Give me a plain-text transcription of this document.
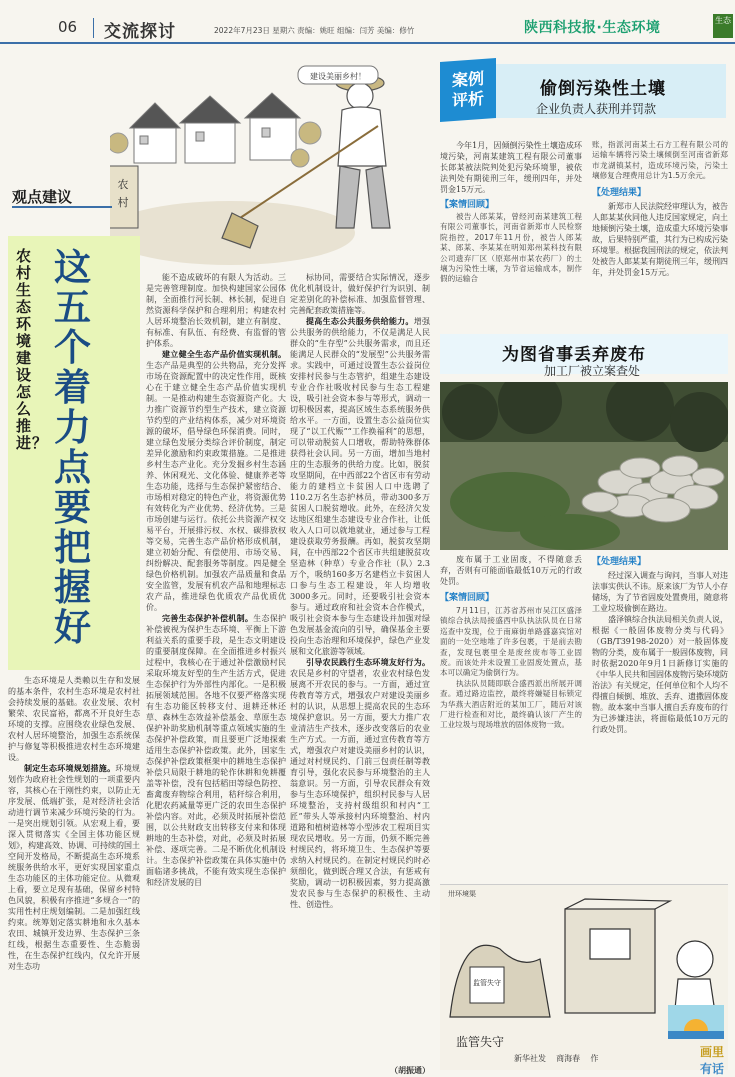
06 交流探讨	2022年7月23日 星期六 责编：姚旺 组编：闫芳 美编：修竹	陕西科技报·生态环境	生态
农
村
建设美丽乡村！
观点建议
农村生态环境建设怎么推进？
这五个着力点要把握好

生态环境是人类赖以生存和发展的基本条件，农村生态环境是农村社会持续发展的基础。农业发展、农村繁荣、农民富裕，都离不开良好生态环境的支撑。应围绕农业绿色发展、农村人居环境整治，加强生态系统保护与修复等积极推进农村生态环境建设。

制定生态环境规划措施。环境规划作为政府社会性规划的一项重要内容，其核心在于刚性约束，以防止无序发展、低端扩张，是对经济社会活动进行调节来减少环境污染的行为。一是突出规划引领。从宏观上看，要深入贯彻落实《全国主体功能区规划》，构建高效、协调、可持续的国土空间开发格局，不断提高生态环境系统服务供给水平，更好实现国家重点生态功能区的主体功能定位。从微观上看，要立足现有基础，保留乡村特色风貌，积极有序推进“多规合一”的实用性村庄规划编制。二是加强红线约束。统筹划定落实耕地和永久基本农田、城镇开发边界、生态保护三条红线，根据生态重要性、生态脆弱性，在生态保护红线内，仅允许开展对生态功

能不造成破坏的有限人为活动。三是完善管理制度。加快构建国家公园体制，全面推行河长制、林长制，促进自然资源科学保护和合理利用；构建农村人居环境整治长效机制，建立有制度、有标准、有队伍、有经费、有监督的管护体系。

建立健全生态产品价值实现机制。生态产品是典型的公共物品，充分发挥市场在资源配置中的决定性作用，既核心在于建立健全生态产品价值实现机制。一是推动构建生态资源资产化。大力推广资源节约型生产技术，建立资源节约型的产业结构体系，减少对环境资源的破坏，倡导绿色环保消费。同时，建立绿色发展分类综合评价制度，制定差异化激励和约束政策措施。二是推进乡村生态产业化。充分发掘乡村生态涵养、休闲观光、文化体验、健康养老等生态功能，选择与生态保护紧密结合、市场相对稳定的特色产业，将资源优势有效转化为产业优势、经济优势。三是市场创建与运行。依托公共资源产权交易平台，开展排污权、水权、碳排放权等交易，完善生态产品价格形成机制，建立初始分配、有偿使用、市场交易、纠纷解决、配套服务等制度。四是健全绿色价格机制。加强农产品质量和食品安全监管，发展有机农产品和地理标志农产品，推进绿色优质农产品优质优价。

完善生态保护补偿机制。生态保护补偿被视为保护生态环境、平衡上下游利益关系的重要手段，是生态文明建设的重要制度保障。在全面推进乡村振兴过程中，我核心在于通过补偿激励村民采取环境友好型的生产生活方式，促进生态保护行为外部性内部化。一是积极拓展领域范围。各地不仅要严格落实现有生态功能区转移支付、退耕还林还草、森林生态效益补偿基金、草原生态保护补助奖励机制等重点领域实施的生态保护补偿政策，而且要更广泛地探索适用生态保护补偿政策。此外，国家生态保护补偿政策框架中的耕地生态保护补偿只局限于耕地的轮作休耕和免耕覆盖等补偿，没有包括稻田等绿色防控、畜禽废弃物综合利用，秸秆综合利用，化肥农药减量等更广泛的农田生态保护补偿内容。对此，必须及时拓展补偿范围，以公共财政支出转移支付来和体现耕地的生态补偿，对此，必须及时拓展补偿、逐项完善。二是不断优化机制设计。生态保护补偿政策在具体实施中仍面临诸多挑战，不能有效实现生态保护和经济发展的目

标协同，需要结合实际情况，逐步优化机制设计，做好保护行为识别、制定差别化的补偿标准、加强监督管理、完善配套政策措施等。

提高生态公共服务供给能力。增强公共服务的供给能力，不仅是满足人民群众的“生存型”公共服务需求，而且还能满足人民群众的“发展型”公共服务需求。实践中，可通过设置生态公益岗位安排村民参与生态管护，组建生态建设专业合作社吸收村民参与生态工程建设，吸引社会资本参与等形式，调动一切积极因素，提高区域生态系统服务供给水平。一方面，设置生态公益岗位实现了“以工代赈”“工作换福利”的思想，可以带动脱贫人口增收，帮助特殊群体获得社会认同。另一方面，增加当地村庄的生态服务的供给力度。比如，脱贫攻坚期间，在中西部22个省区市有劳动能力的建档立卡贫困人口中选聘了110.2万名生态护林员，带动300多万贫困人口脱贫增收。此外，在经济欠发达地区组建生态建设专业合作社，让低收入人口可以就地就业，通过参与工程建设获取劳务报酬。再如，脱贫攻坚期间，在中西部22个省区市共组建脱贫攻坚造林（种草）专业合作社（队）2.3万个，吸纳160多万名建档立卡贫困人口参与生态工程建设，年人均增收3000多元。同时，还要吸引社会资本参与。通过政府和社会资本合作模式，吸引社会资本参与生态建设并加强对绿色发展基金流向的引导，确保基金主要投向生态治理和环境保护，绿色产业发展和文化旅游等领域。

引导农民践行生态环境友好行为。农民是乡村的守望者，农业农村绿色发展离不开农民的参与。一方面，通过宣传教育等方式，增强农户对建设美丽乡村的认识，从思想上提高农民的生态环境保护意识。另一方面，要大力推广农业清洁生产技术，逐步改变落后的农业生产方式。一方面，通过宣传教育等方式，增强农户对建设美丽乡村的认识，通过对村规民约、门前三包责任制等教育引导，强化农民参与环境整治的主人翁意识。另一方面，引导农民群众有效参与生态环境保护，组织村民参与人居环境整治，支持村级组织和村内“工匠”带头人等承接村内环境整治、村内道路和植树造林等小型涉农工程项目实现农民增收。另一方面，仍须不断完善村规民约，将环境卫生、生态保护等要求纳入村规民约。在制定村规民约时必须细化，做到既合理又合法，有惩戒有奖励，调动一切积极因素，努力提高激发农民参与生态保护的积极性、主动性、创造性。

（胡振通）
案例评析	偷倒污染性土壤
企业负责人获刑并罚款

今年1月，因倾倒污染性土壤造成环境污染，河南某建筑工程有限公司董事长郎某被法院判处犯污染环境罪，被依法判处有期徒刑三年，缓刑四年，并处罚金15万元。

【案情回顾】

被告人郎某某，曾经河南某建筑工程有限公司董事长，河南省新郑市人民检察院指控，2017年11月份，被告人郎某某、郎某、李某某在明知郑州某科技有限公司遗弃厂区（原郑州市某农药厂）的土壤为污染性土壤，为节省运输成本，制作假的运输合

账，指派河南某土石方工程有限公司的运输车辆将污染土壤倾倒至河南省新郑市龙湖镇某村，造成环境污染，污染土壤修复合理费用总计为1.5万余元。

【处理结果】

新郑市人民法院经审理认为，被告人郎某某伙同他人违反国家规定，向土地倾倒污染土壤，造成重大环境污染事故，后果特别严重，其行为已构成污染环境罪。根据我国刑法的规定，依法判处被告人郎某某有期徒刑三年，缓刑四年，并处罚金15万元。

为图省事丢弃废布
加工厂被立案查处

废布属于工业固废，不得随意丢弃，否则有可能面临最低10万元的行政处罚。

【案情回顾】

7月11日，江苏省苏州市吴江区盛泽镇综合执法局接盛西中队执法队员在日常巡查中发现，位于南麻街单路盛嘉宾馆对面的一处空地堆了许多包裹，于是前去勘查，发现包裹里全是废丝废布等工业固废。而该处并未设置工业固废处置点，基本可以确定为偷倒行为。

执法队员随即联合盛西派出所展开调查。通过路边监控，最终将嫌疑目标锁定为华燕大酒店附近的某加工厂，随后对该厂进行检查和对比，最终确认该厂产生的工业垃圾与现场堆放的固体废物一致。

【处理结果】

经过深入调查与询问，当事人对违法事实供认不讳。原来该厂为节人小存储场，为了节省固废处置费用，随意将工业垃圾偷倒在路边。

盛泽镇综合执法局相关负责人说，根据《一般固体废物分类与代码》（GB/T39198-2020）对一般固体废物的分类，废布属于一般固体废物，同时依据2020年9月1日新修订实施的《中华人民共和国固体废物污染环境防治法》有关规定，任何单位和个人均不得擅自倾倒、堆放、丢弃、遗撒固体废物。故本案中当事人擅自丢弃废布的行为已涉嫌违法，将面临最低10万元的行政处罚。

监管失守
卅环境渠
监管失守
新华社发 商海春 作	画里
有话
